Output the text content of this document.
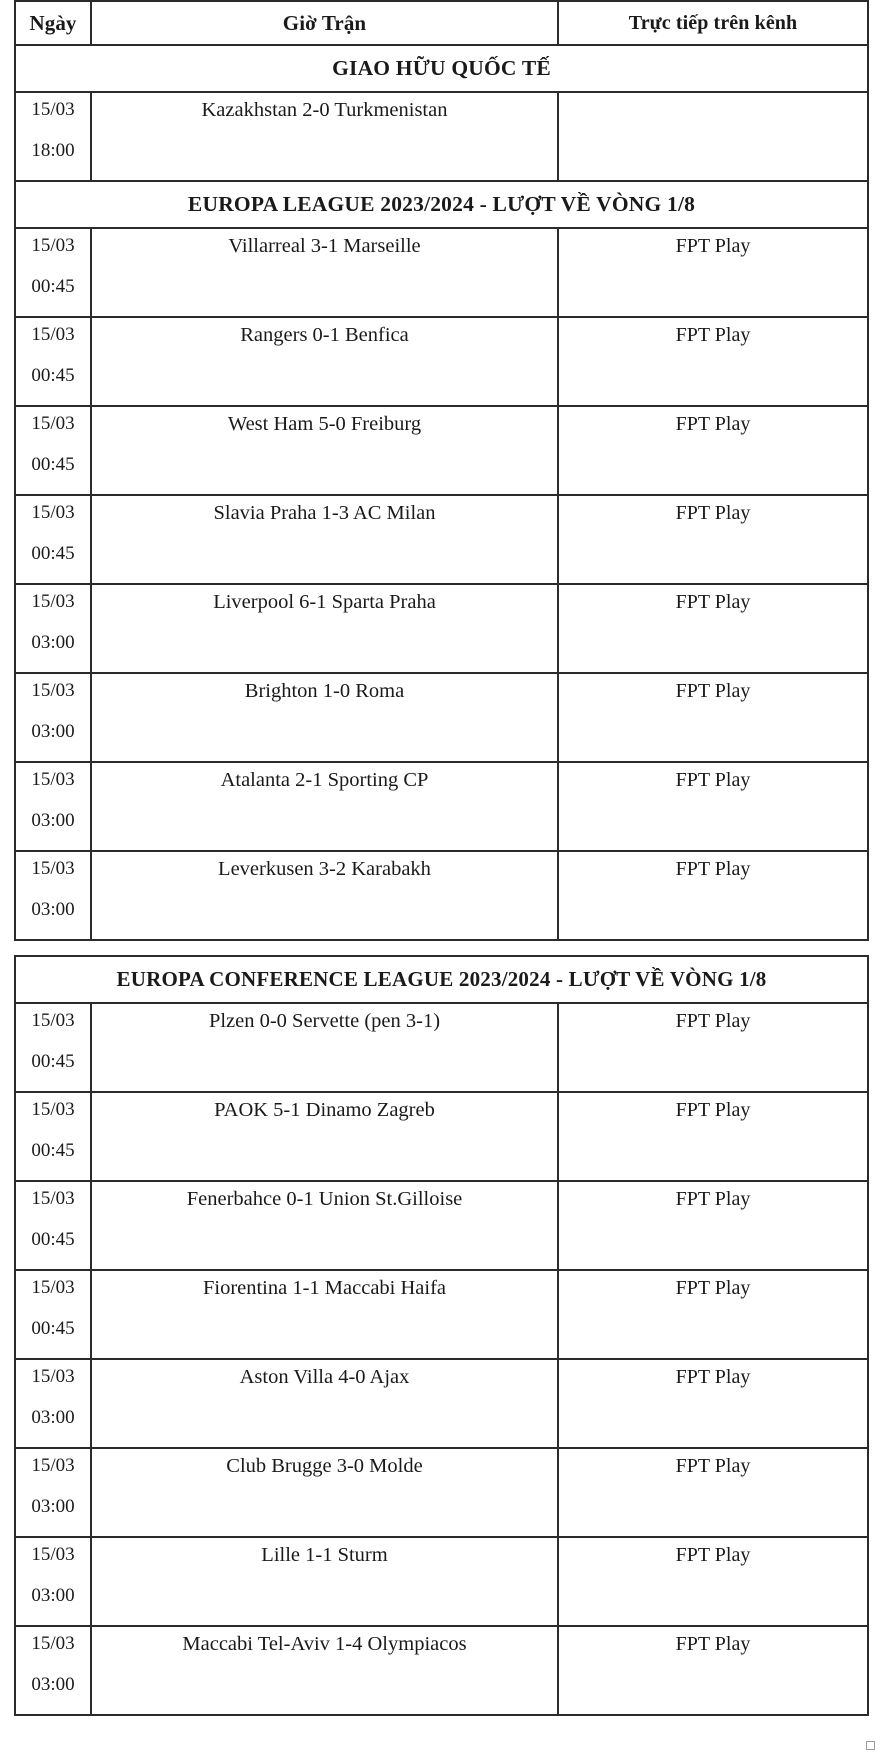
Ngày	Giờ Trận	Trực tiếp trên kênh
GIAO HỮU QUỐC TẾ		

15/03
18:00	Kazakhstan 2-0 Turkmenistan	
EUROPA LEAGUE 2023/2024 - LƯỢT VỀ VÒNG 1/8		

15/03
00:45	Villarreal 3-1 Marseille	FPT Play

15/03
00:45	Rangers 0-1 Benfica	FPT Play

15/03
00:45	West Ham 5-0 Freiburg	FPT Play

15/03
00:45	Slavia Praha 1-3 AC Milan	FPT Play

15/03
03:00	Liverpool 6-1 Sparta Praha	FPT Play

15/03
03:00	Brighton 1-0 Roma	FPT Play

15/03
03:00	Atalanta 2-1 Sporting CP	FPT Play

15/03
03:00	Leverkusen 3-2 Karabakh	FPT Play
EUROPA CONFERENCE LEAGUE 2023/2024 - LƯỢT VỀ VÒNG 1/8		

15/03
00:45	Plzen 0-0 Servette (pen 3-1)	FPT Play

15/03
00:45	PAOK 5-1 Dinamo Zagreb	FPT Play

15/03
00:45	Fenerbahce 0-1 Union St.Gilloise	FPT Play

15/03
00:45	Fiorentina 1-1 Maccabi Haifa	FPT Play

15/03
03:00	Aston Villa 4-0 Ajax	FPT Play

15/03
03:00	Club Brugge 3-0 Molde	FPT Play

15/03
03:00	Lille 1-1 Sturm	FPT Play

15/03
03:00	Maccabi Tel-Aviv 1-4 Olympiacos	FPT Play
